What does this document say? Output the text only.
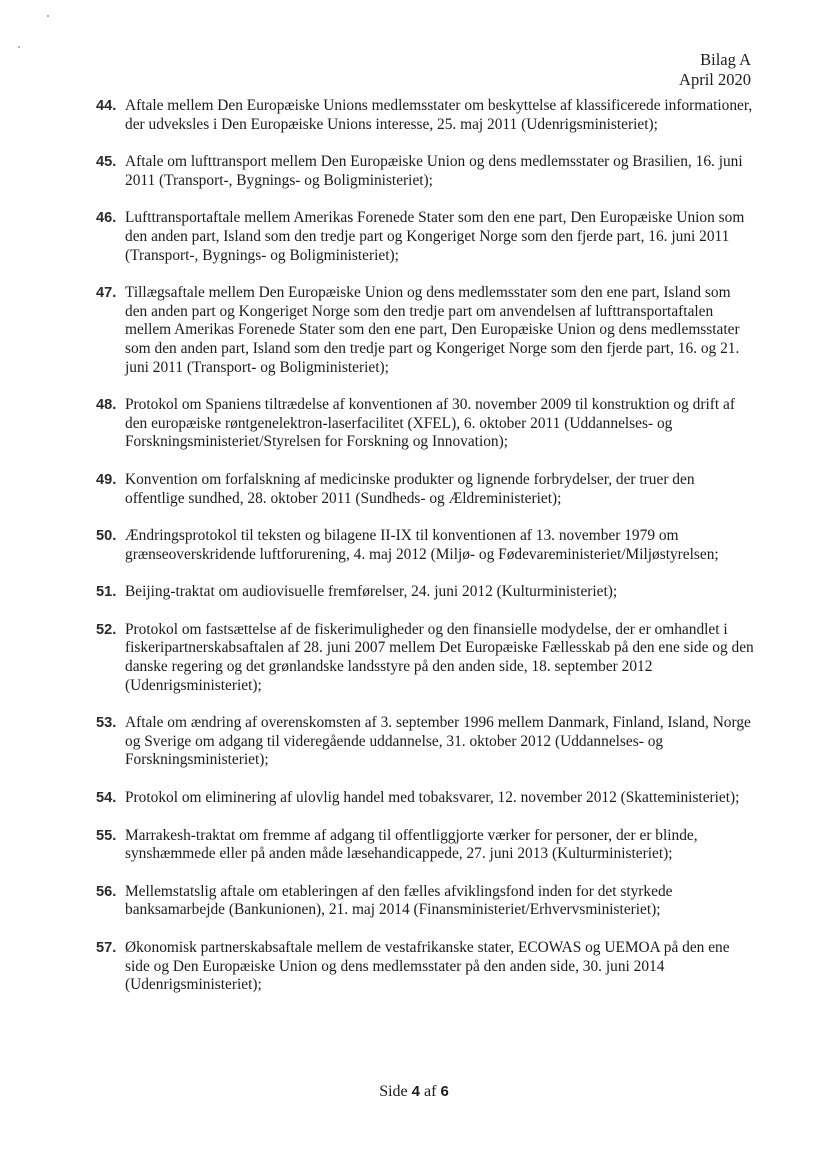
Bilag A
April 2020
44. Aftale mellem Den Europæiske Unions medlemsstater om beskyttelse af klassificerede informationer, der udveksles i Den Europæiske Unions interesse, 25. maj 2011 (Udenrigsministeriet);

45. Aftale om lufttransport mellem Den Europæiske Union og dens medlemsstater og Brasilien, 16. juni 2011 (Transport-, Bygnings- og Boligministeriet);

46. Lufttransportaftale mellem Amerikas Forenede Stater som den ene part, Den Europæiske Union som den anden part, Island som den tredje part og Kongeriget Norge som den fjerde part, 16. juni 2011 (Transport-, Bygnings- og Boligministeriet);

47. Tillægsaftale mellem Den Europæiske Union og dens medlemsstater som den ene part, Island som den anden part og Kongeriget Norge som den tredje part om anvendelsen af lufttransportaftalen mellem Amerikas Forenede Stater som den ene part, Den Europæiske Union og dens medlemsstater som den anden part, Island som den tredje part og Kongeriget Norge som den fjerde part, 16. og 21. juni 2011 (Transport- og Boligministeriet);

48. Protokol om Spaniens tiltrædelse af konventionen af 30. november 2009 til konstruktion og drift af den europæiske røntgenelektron-laserfacilitet (XFEL), 6. oktober 2011 (Uddannelses- og Forskningsministeriet/Styrelsen for Forskning og Innovation);

49. Konvention om forfalskning af medicinske produkter og lignende forbrydelser, der truer den offentlige sundhed, 28. oktober 2011 (Sundheds- og Ældreministeriet);

50. Ændringsprotokol til teksten og bilagene II-IX til konventionen af 13. november 1979 om grænseoverskridende luftforurening, 4. maj 2012 (Miljø- og Fødevareministeriet/Miljøstyrelsen;

51. Beijing-traktat om audiovisuelle fremførelser, 24. juni 2012 (Kulturministeriet);

52. Protokol om fastsættelse af de fiskerimuligheder og den finansielle modydelse, der er omhandlet i fiskeripartnerskabsaftalen af 28. juni 2007 mellem Det Europæiske Fællesskab på den ene side og den danske regering og det grønlandske landsstyre på den anden side, 18. september 2012 (Udenrigsministeriet);

53. Aftale om ændring af overenskomsten af 3. september 1996 mellem Danmark, Finland, Island, Norge og Sverige om adgang til videregående uddannelse, 31. oktober 2012 (Uddannelses- og Forskningsministeriet);

54. Protokol om eliminering af ulovlig handel med tobaksvarer, 12. november 2012 (Skatteministeriet);

55. Marrakesh-traktat om fremme af adgang til offentliggjorte værker for personer, der er blinde, synshæmmede eller på anden måde læsehandicappede, 27. juni 2013 (Kulturministeriet);

56. Mellemstatslig aftale om etableringen af den fælles afviklingsfond inden for det styrkede banksamarbejde (Bankunionen), 21. maj 2014 (Finansministeriet/Erhvervsministeriet);

57. Økonomisk partnerskabsaftale mellem de vestafrikanske stater, ECOWAS og UEMOA på den ene side og Den Europæiske Union og dens medlemsstater på den anden side, 30. juni 2014 (Udenrigsministeriet);

Side 4 af 6
